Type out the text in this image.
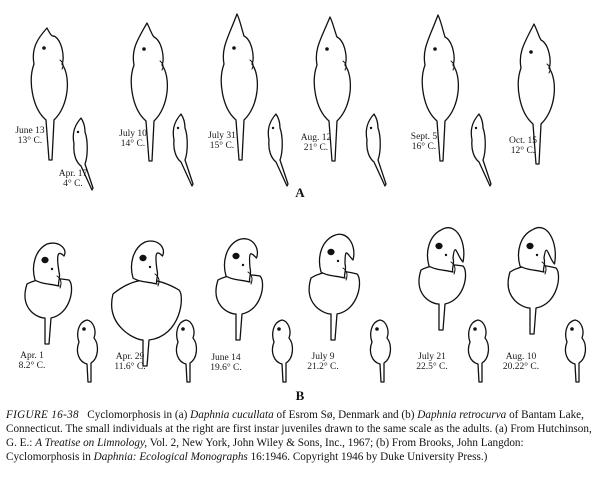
June 13
13° C.
July 10
14° C.
July 31
15° C.
Aug. 12
21° C.
Sept. 5
16° C.
Oct. 15
12° C.
Apr. 17
4° C.
Apr. 1
8.2° C.
Apr. 29
11.6° C.
June 14
19.6° C.
July 9
21.2° C.
July 21
22.5° C.
Aug. 10
20.22° C.
A
B
FIGURE 16-38 Cyclomorphosis in (a) Daphnia cucullata of Esrom Sø, Denmark and (b) Daphnia retrocurva of Bantam Lake, Connecticut. The small individuals at the right are first instar juveniles drawn to the same scale as the adults. (a) From Hutchinson, G. E.: A Treatise on Limnology, Vol. 2, New York, John Wiley & Sons, Inc., 1967; (b) From Brooks, John Langdon: Cyclomorphosis in Daphnia: Ecological Monographs 16:1946. Copyright 1946 by Duke University Press.)
